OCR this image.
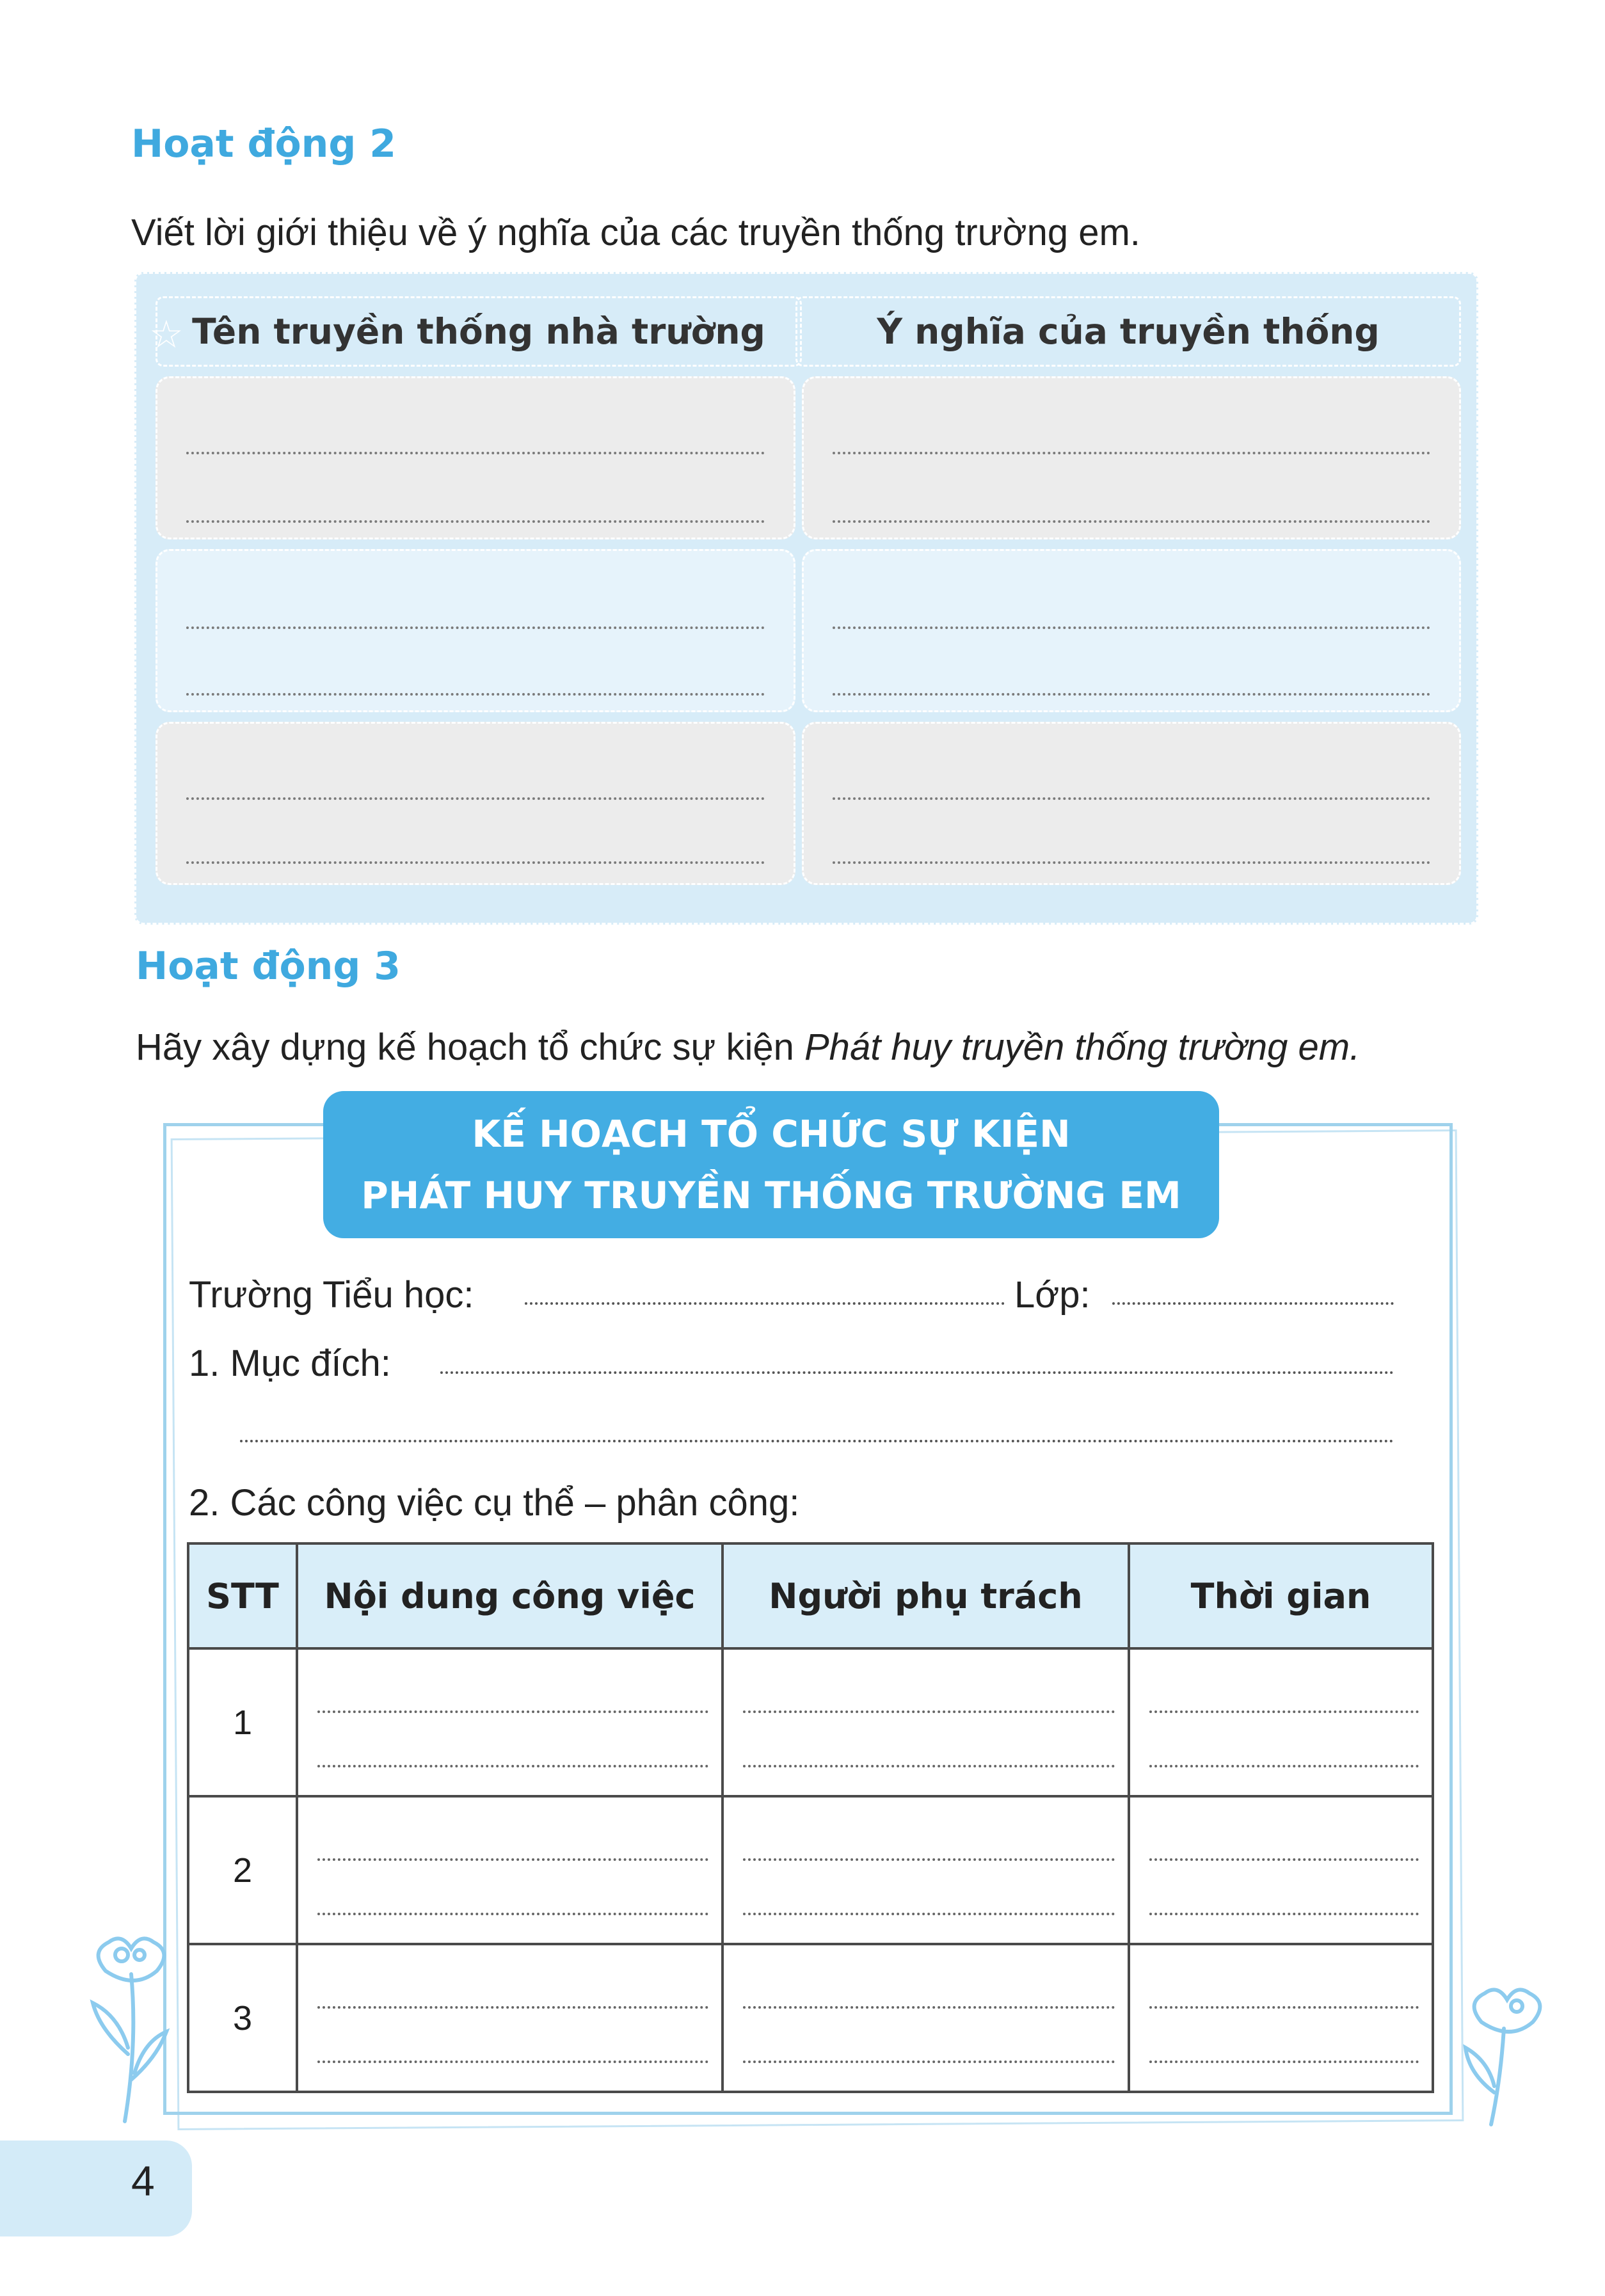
Hoạt động 2

Viết lời giới thiệu về ý nghĩa của các truyền thống trường em.

☆ Tên truyền thống nhà trường	Ý nghĩa của truyền thống
Hoạt động 3

Hãy xây dựng kế hoạch tổ chức sự kiện Phát huy truyền thống trường em.

KẾ HOẠCH TỔ CHỨC SỰ KIỆN
PHÁT HUY TRUYỀN THỐNG TRƯỜNG EM
Trường Tiểu học:	Lớp:
1. Mục đích:
2. Các công việc cụ thể – phân công:
STT	Nội dung công việc	Người phụ trách	Thời gian
1	

2	

3	

4
